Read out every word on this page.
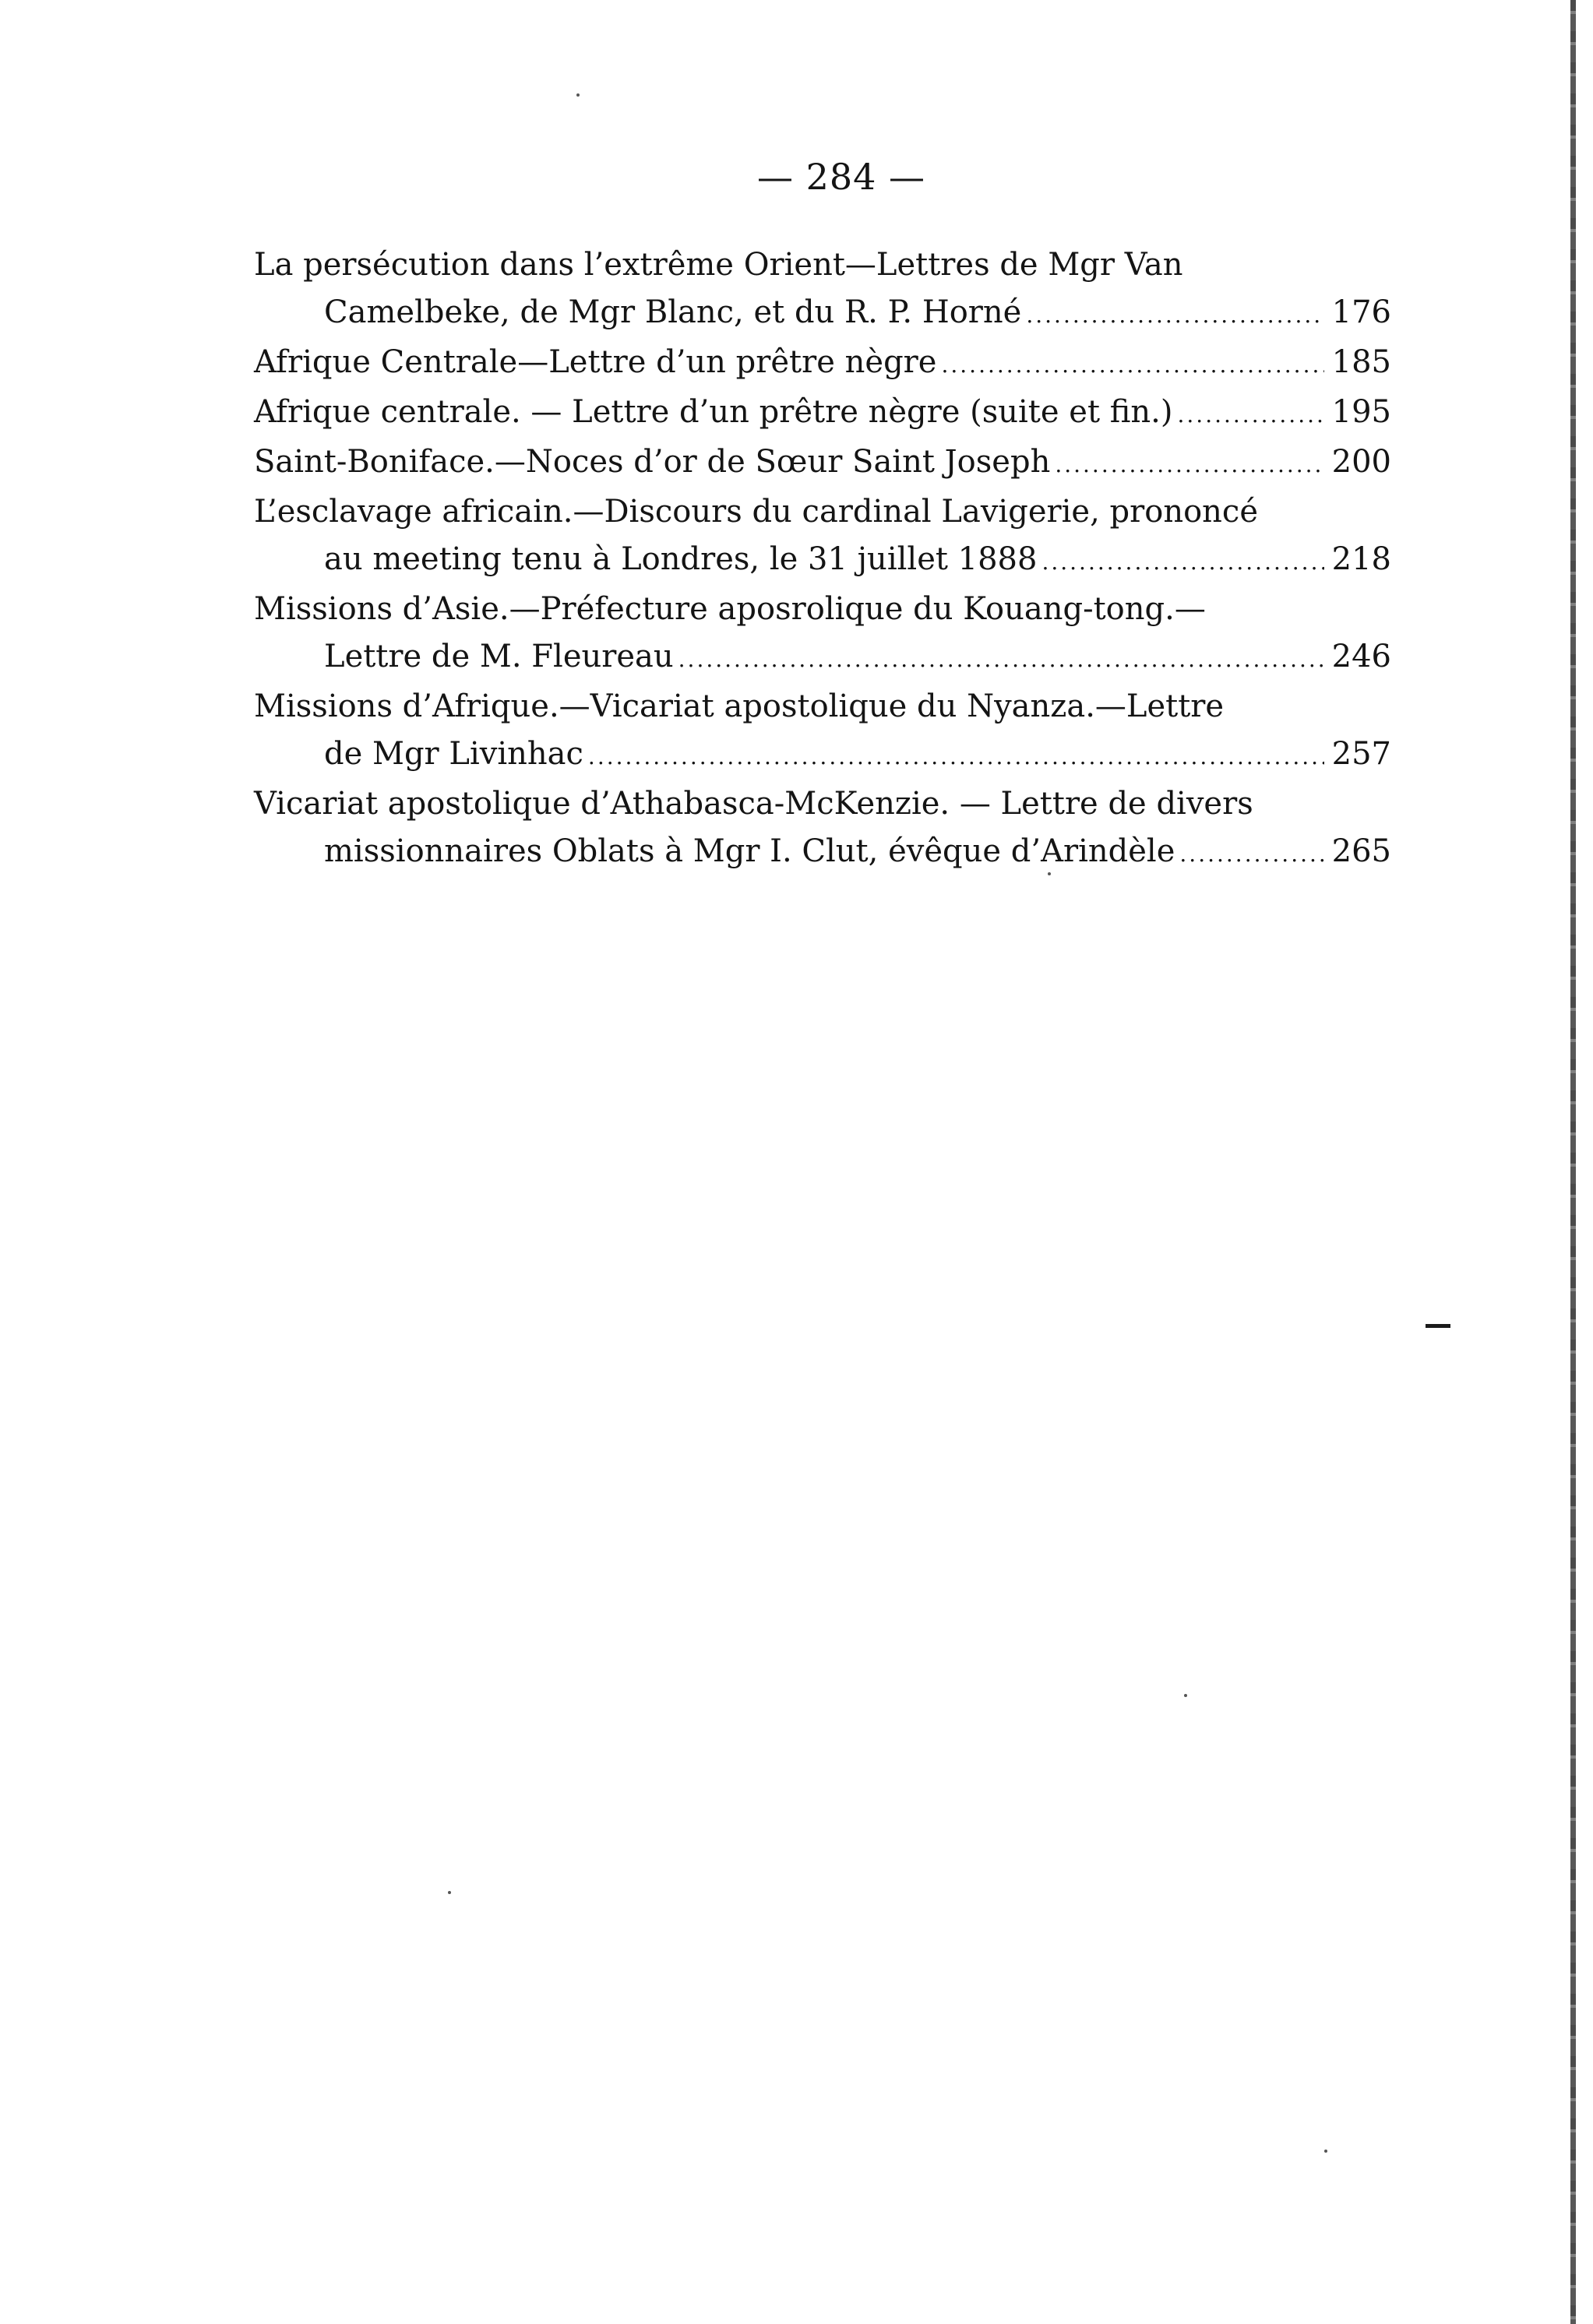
— 284 —
La persécution dans l’extrême Orient—Lettres de Mgr Van
Camelbeke, de Mgr Blanc, et du R. P. Horné .....	176
Afrique Centrale—Lettre d’un prêtre nègre .....	185
Afrique centrale. — Lettre d’un prêtre nègre (suite et fin.) .....	195
Saint-Boniface.—Noces d’or de Sœur Saint Joseph .....	200
L’esclavage africain.—Discours du cardinal Lavigerie, prononcé
au meeting tenu à Londres, le 31 juillet 1888 .....	218
Missions d’Asie.—Préfecture aposrolique du Kouang-tong.—
Lettre de M. Fleureau .....	246
Missions d’Afrique.—Vicariat apostolique du Nyanza.—Lettre
de Mgr Livinhac .....	257
Vicariat apostolique d’Athabasca-McKenzie. — Lettre de divers
missionnaires Oblats à Mgr I. Clut, évêque d’Arindèle .....	265
